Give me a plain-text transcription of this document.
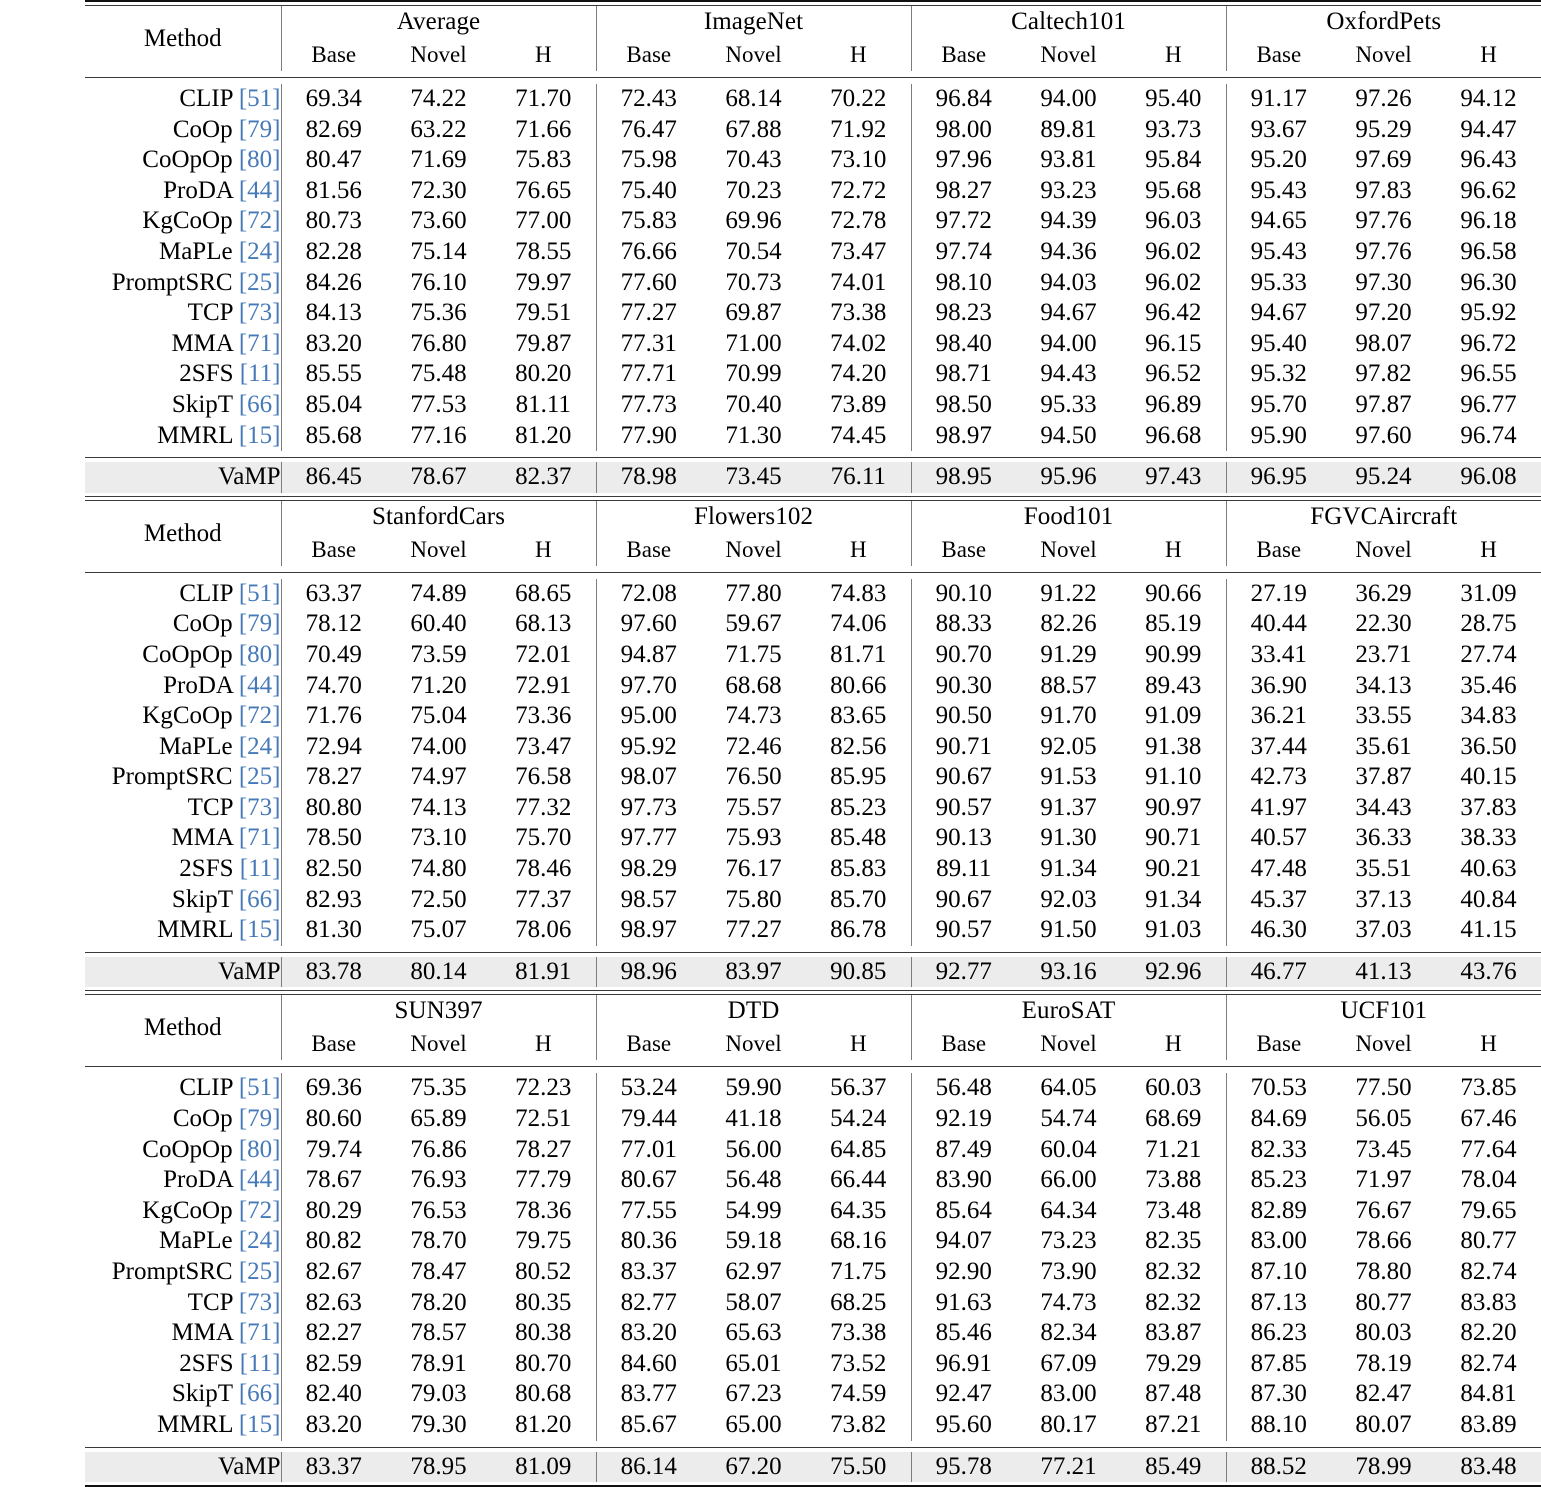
Method	Average			ImageNet			Caltech101			OxfordPets		
	Base	Novel	H	Base	Novel	H	Base	Novel	H	Base	Novel	H
CLIP [51]	69.34	74.22	71.70	72.43	68.14	70.22	96.84	94.00	95.40	91.17	97.26	94.12
CoOp [79]	82.69	63.22	71.66	76.47	67.88	71.92	98.00	89.81	93.73	93.67	95.29	94.47
CoOpOp [80]	80.47	71.69	75.83	75.98	70.43	73.10	97.96	93.81	95.84	95.20	97.69	96.43
ProDA [44]	81.56	72.30	76.65	75.40	70.23	72.72	98.27	93.23	95.68	95.43	97.83	96.62
KgCoOp [72]	80.73	73.60	77.00	75.83	69.96	72.78	97.72	94.39	96.03	94.65	97.76	96.18
MaPLe [24]	82.28	75.14	78.55	76.66	70.54	73.47	97.74	94.36	96.02	95.43	97.76	96.58
PromptSRC [25]	84.26	76.10	79.97	77.60	70.73	74.01	98.10	94.03	96.02	95.33	97.30	96.30
TCP [73]	84.13	75.36	79.51	77.27	69.87	73.38	98.23	94.67	96.42	94.67	97.20	95.92
MMA [71]	83.20	76.80	79.87	77.31	71.00	74.02	98.40	94.00	96.15	95.40	98.07	96.72
2SFS [11]	85.55	75.48	80.20	77.71	70.99	74.20	98.71	94.43	96.52	95.32	97.82	96.55
SkipT [66]	85.04	77.53	81.11	77.73	70.40	73.89	98.50	95.33	96.89	95.70	97.87	96.77
MMRL [15]	85.68	77.16	81.20	77.90	71.30	74.45	98.97	94.50	96.68	95.90	97.60	96.74
VaMP	86.45	78.67	82.37	78.98	73.45	76.11	98.95	95.96	97.43	96.95	95.24	96.08
Method	StanfordCars			Flowers102			Food101			FGVCAircraft		
	Base	Novel	H	Base	Novel	H	Base	Novel	H	Base	Novel	H
CLIP [51]	63.37	74.89	68.65	72.08	77.80	74.83	90.10	91.22	90.66	27.19	36.29	31.09
CoOp [79]	78.12	60.40	68.13	97.60	59.67	74.06	88.33	82.26	85.19	40.44	22.30	28.75
CoOpOp [80]	70.49	73.59	72.01	94.87	71.75	81.71	90.70	91.29	90.99	33.41	23.71	27.74
ProDA [44]	74.70	71.20	72.91	97.70	68.68	80.66	90.30	88.57	89.43	36.90	34.13	35.46
KgCoOp [72]	71.76	75.04	73.36	95.00	74.73	83.65	90.50	91.70	91.09	36.21	33.55	34.83
MaPLe [24]	72.94	74.00	73.47	95.92	72.46	82.56	90.71	92.05	91.38	37.44	35.61	36.50
PromptSRC [25]	78.27	74.97	76.58	98.07	76.50	85.95	90.67	91.53	91.10	42.73	37.87	40.15
TCP [73]	80.80	74.13	77.32	97.73	75.57	85.23	90.57	91.37	90.97	41.97	34.43	37.83
MMA [71]	78.50	73.10	75.70	97.77	75.93	85.48	90.13	91.30	90.71	40.57	36.33	38.33
2SFS [11]	82.50	74.80	78.46	98.29	76.17	85.83	89.11	91.34	90.21	47.48	35.51	40.63
SkipT [66]	82.93	72.50	77.37	98.57	75.80	85.70	90.67	92.03	91.34	45.37	37.13	40.84
MMRL [15]	81.30	75.07	78.06	98.97	77.27	86.78	90.57	91.50	91.03	46.30	37.03	41.15
VaMP	83.78	80.14	81.91	98.96	83.97	90.85	92.77	93.16	92.96	46.77	41.13	43.76
Method	SUN397			DTD			EuroSAT			UCF101		
	Base	Novel	H	Base	Novel	H	Base	Novel	H	Base	Novel	H
CLIP [51]	69.36	75.35	72.23	53.24	59.90	56.37	56.48	64.05	60.03	70.53	77.50	73.85
CoOp [79]	80.60	65.89	72.51	79.44	41.18	54.24	92.19	54.74	68.69	84.69	56.05	67.46
CoOpOp [80]	79.74	76.86	78.27	77.01	56.00	64.85	87.49	60.04	71.21	82.33	73.45	77.64
ProDA [44]	78.67	76.93	77.79	80.67	56.48	66.44	83.90	66.00	73.88	85.23	71.97	78.04
KgCoOp [72]	80.29	76.53	78.36	77.55	54.99	64.35	85.64	64.34	73.48	82.89	76.67	79.65
MaPLe [24]	80.82	78.70	79.75	80.36	59.18	68.16	94.07	73.23	82.35	83.00	78.66	80.77
PromptSRC [25]	82.67	78.47	80.52	83.37	62.97	71.75	92.90	73.90	82.32	87.10	78.80	82.74
TCP [73]	82.63	78.20	80.35	82.77	58.07	68.25	91.63	74.73	82.32	87.13	80.77	83.83
MMA [71]	82.27	78.57	80.38	83.20	65.63	73.38	85.46	82.34	83.87	86.23	80.03	82.20
2SFS [11]	82.59	78.91	80.70	84.60	65.01	73.52	96.91	67.09	79.29	87.85	78.19	82.74
SkipT [66]	82.40	79.03	80.68	83.77	67.23	74.59	92.47	83.00	87.48	87.30	82.47	84.81
MMRL [15]	83.20	79.30	81.20	85.67	65.00	73.82	95.60	80.17	87.21	88.10	80.07	83.89
VaMP	83.37	78.95	81.09	86.14	67.20	75.50	95.78	77.21	85.49	88.52	78.99	83.48
